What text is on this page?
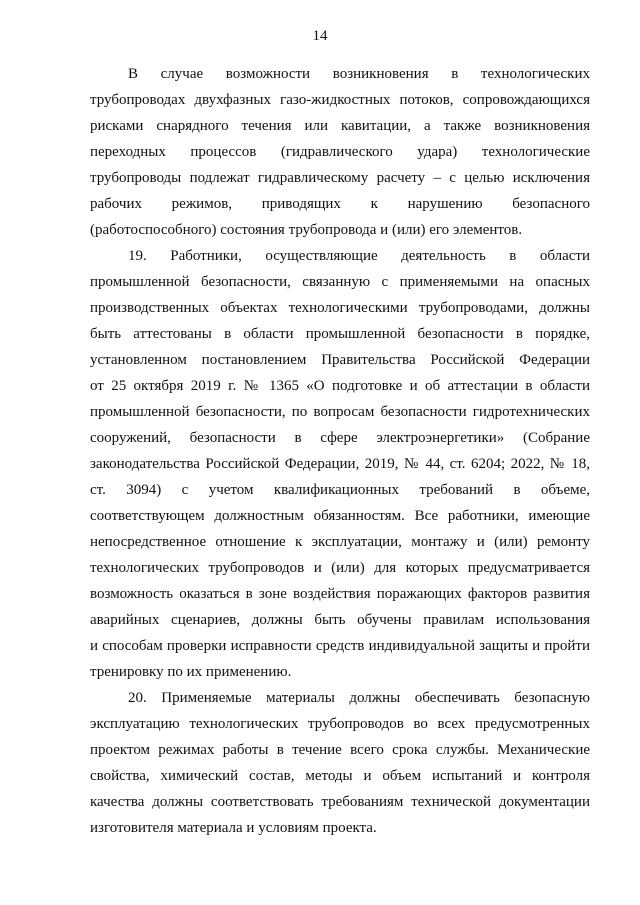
14
В случае возможности возникновения в технологических
трубопроводах двухфазных газо-жидкостных потоков, сопровождающихся
рисками снарядного течения или кавитации, а также возникновения
переходных процессов (гидравлического удара) технологические
трубопроводы подлежат гидравлическому расчету – с целью исключения
рабочих режимов, приводящих к нарушению безопасного
(работоспособного) состояния трубопровода и (или) его элементов.
19. Работники, осуществляющие деятельность в области
промышленной безопасности, связанную с применяемыми на опасных
производственных объектах технологическими трубопроводами, должны
быть аттестованы в области промышленной безопасности в порядке,
установленном постановлением Правительства Российской Федерации
от 25 октября 2019 г. № 1365 «О подготовке и об аттестации в области
промышленной безопасности, по вопросам безопасности гидротехнических
сооружений, безопасности в сфере электроэнергетики» (Собрание
законодательства Российской Федерации, 2019, № 44, ст. 6204; 2022, № 18,
ст. 3094) с учетом квалификационных требований в объеме,
соответствующем должностным обязанностям. Все работники, имеющие
непосредственное отношение к эксплуатации, монтажу и (или) ремонту
технологических трубопроводов и (или) для которых предусматривается
возможность оказаться в зоне воздействия поражающих факторов развития
аварийных сценариев, должны быть обучены правилам использования
и способам проверки исправности средств индивидуальной защиты и пройти
тренировку по их применению.
20. Применяемые материалы должны обеспечивать безопасную
эксплуатацию технологических трубопроводов во всех предусмотренных
проектом режимах работы в течение всего срока службы. Механические
свойства, химический состав, методы и объем испытаний и контроля
качества должны соответствовать требованиям технической документации
изготовителя материала и условиям проекта.
